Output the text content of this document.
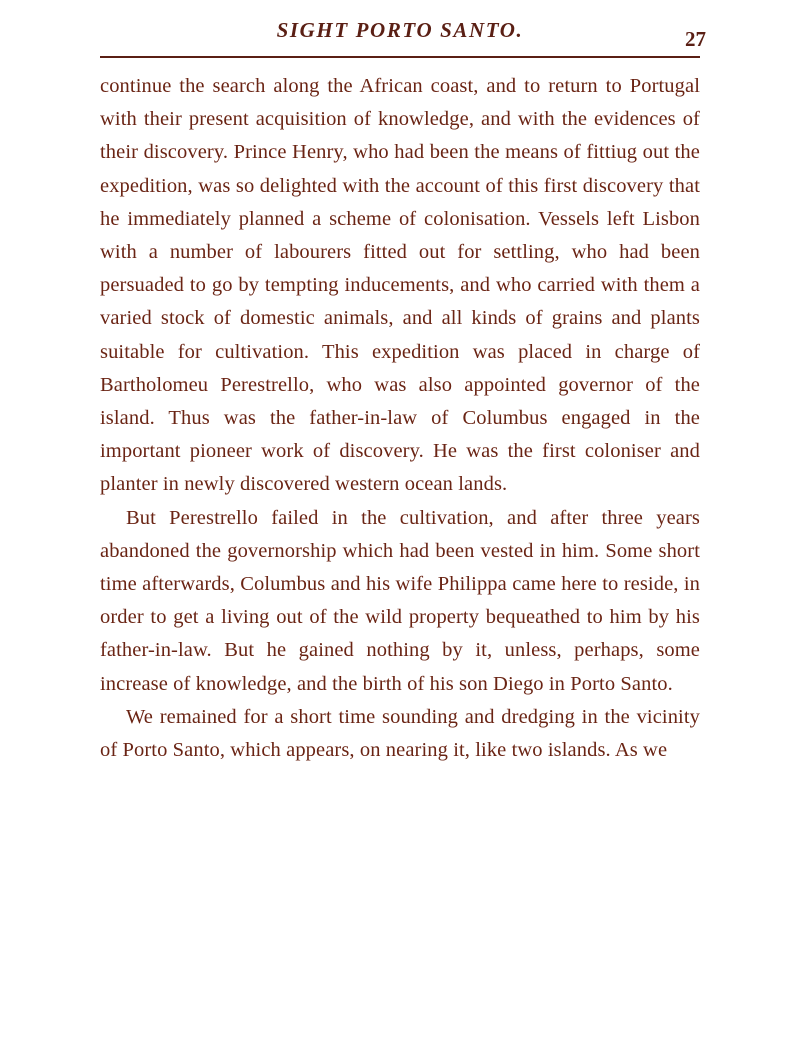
SIGHT PORTO SANTO.	27

continue the search along the African coast, and to return to Portugal with their present acquisition of knowledge, and with the evidences of their discovery. Prince Henry, who had been the means of fittiug out the expedition, was so delighted with the account of this first discovery that he immediately planned a scheme of colonisation. Vessels left Lisbon with a number of labourers fitted out for settling, who had been persuaded to go by tempting inducements, and who carried with them a varied stock of domestic animals, and all kinds of grains and plants suitable for cultivation. This expedition was placed in charge of Bartholomeu Perestrello, who was also appointed governor of the island. Thus was the father-in-law of Columbus engaged in the important pioneer work of discovery. He was the first coloniser and planter in newly discovered western ocean lands.

But Perestrello failed in the cultivation, and after three years abandoned the governorship which had been vested in him. Some short time afterwards, Columbus and his wife Philippa came here to reside, in order to get a living out of the wild property bequeathed to him by his father-in-law. But he gained nothing by it, unless, perhaps, some increase of knowledge, and the birth of his son Diego in Porto Santo.

We remained for a short time sounding and dredging in the vicinity of Porto Santo, which appears, on nearing it, like two islands. As we
